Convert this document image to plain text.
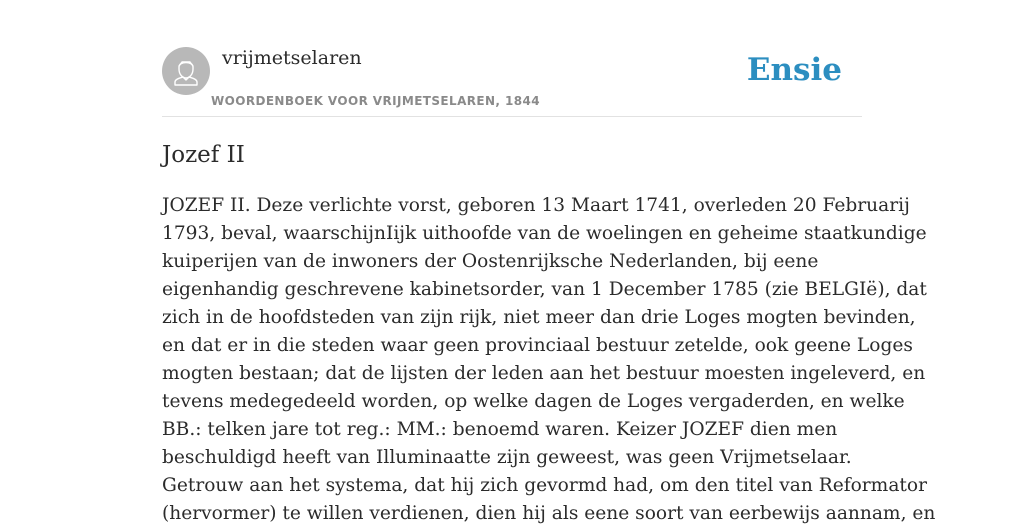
vrijmetselaren
WOORDENBOEK VOOR VRIJMETSELAREN, 1844
Ensie
Jozef II
JOZEF II. Deze verlichte vorst, geboren 13 Maart 1741, overleden 20 Februarij
1793, beval, waarschijnIijk uithoofde van de woelingen en geheime staatkundige
kuiperijen van de inwoners der Oostenrijksche Nederlanden, bij eene
eigenhandig geschrevene kabinetsorder, van 1 December 1785 (zie BELGIë), dat
zich in de hoofdsteden van zijn rijk, niet meer dan drie Loges mogten bevinden,
en dat er in die steden waar geen provinciaal bestuur zetelde, ook geene Loges
mogten bestaan; dat de lijsten der leden aan het bestuur moesten ingeleverd, en
tevens medegedeeld worden, op welke dagen de Loges vergaderden, en welke
BB.: telken jare tot reg.: MM.: benoemd waren. Keizer JOZEF dien men
beschuldigd heeft van Illuminaatte zijn geweest, was geen Vrijmetselaar.
Getrouw aan het systema, dat hij zich gevormd had, om den titel van Reformator
(hervormer) te willen verdienen, dien hij als eene soort van eerbewijs aannam, en
